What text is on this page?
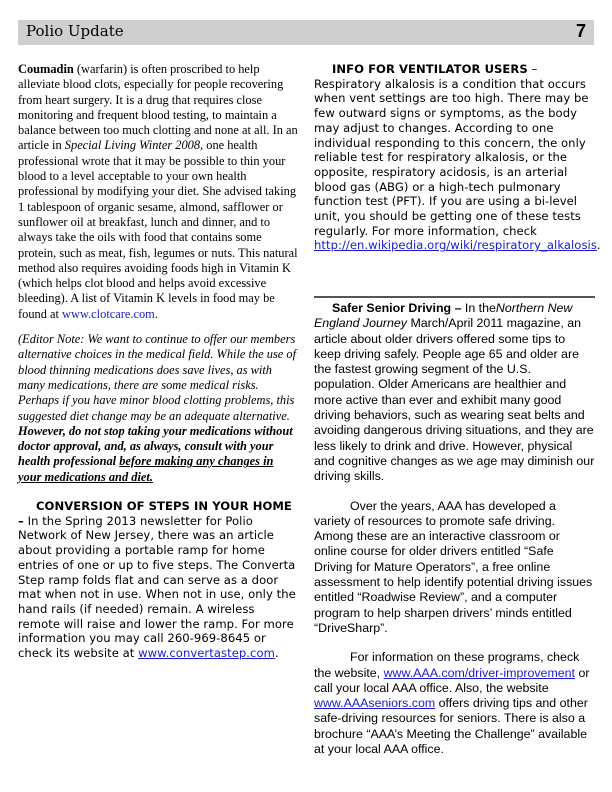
Polio Update	7

Coumadin (warfarin) is often proscribed to help alleviate blood clots, especially for people recovering from heart surgery. It is a drug that requires close monitoring and frequent blood testing, to maintain a balance between too much clotting and none at all. In an article in Special Living Winter 2008, one health professional wrote that it may be possible to thin your blood to a level acceptable to your own health professional by modifying your diet. She advised taking 1 tablespoon of organic sesame, almond, safflower or sunflower oil at breakfast, lunch and dinner, and to always take the oils with food that contains some protein, such as meat, fish, legumes or nuts. This natural method also requires avoiding foods high in Vitamin K (which helps clot blood and helps avoid excessive bleeding). A list of Vitamin K levels in food may be found at www.clotcare.com.

(Editor Note: We want to continue to offer our members alternative choices in the medical field. While the use of blood thinning medications does save lives, as with many medications, there are some medical risks. Perhaps if you have minor blood clotting problems, this suggested diet change may be an adequate alternative. However, do not stop taking your medications without doctor approval, and, as always, consult with your health professional before making any changes in your medications and diet.

CONVERSION OF STEPS IN YOUR HOME – In the Spring 2013 newsletter for Polio Network of New Jersey, there was an article about providing a portable ramp for home entries of one or up to five steps. The Converta Step ramp folds flat and can serve as a door mat when not in use. When not in use, only the hand rails (if needed) remain. A wireless remote will raise and lower the ramp. For more information you may call 260-969-8645 or check its website at www.convertastep.com.

INFO FOR VENTILATOR USERS – Respiratory alkalosis is a condition that occurs when vent settings are too high. There may be few outward signs or symptoms, as the body may adjust to changes. According to one individual responding to this concern, the only reliable test for respiratory alkalosis, or the opposite, respiratory acidosis, is an arterial blood gas (ABG) or a high-tech pulmonary function test (PFT). If you are using a bi-level unit, you should be getting one of these tests regularly. For more information, check http://en.wikipedia.org/wiki/respiratory_alkalosis.

Safer Senior Driving – In theNorthern New England Journey March/April 2011 magazine, an article about older drivers offered some tips to keep driving safely. People age 65 and older are the fastest growing segment of the U.S. population. Older Americans are healthier and more active than ever and exhibit many good driving behaviors, such as wearing seat belts and avoiding dangerous driving situations, and they are less likely to drink and drive. However, physical and cognitive changes as we age may diminish our driving skills.

Over the years, AAA has developed a variety of resources to promote safe driving. Among these are an interactive classroom or online course for older drivers entitled “Safe Driving for Mature Operators”, a free online assessment to help identify potential driving issues entitled “Roadwise Review”, and a computer program to help sharpen drivers’ minds entitled “DriveSharp”.

For information on these programs, check the website, www.AAA.com/driver-improvement or call your local AAA office. Also, the website www.AAAseniors.com offers driving tips and other safe-driving resources for seniors. There is also a brochure “AAA’s Meeting the Challenge” available at your local AAA office.
